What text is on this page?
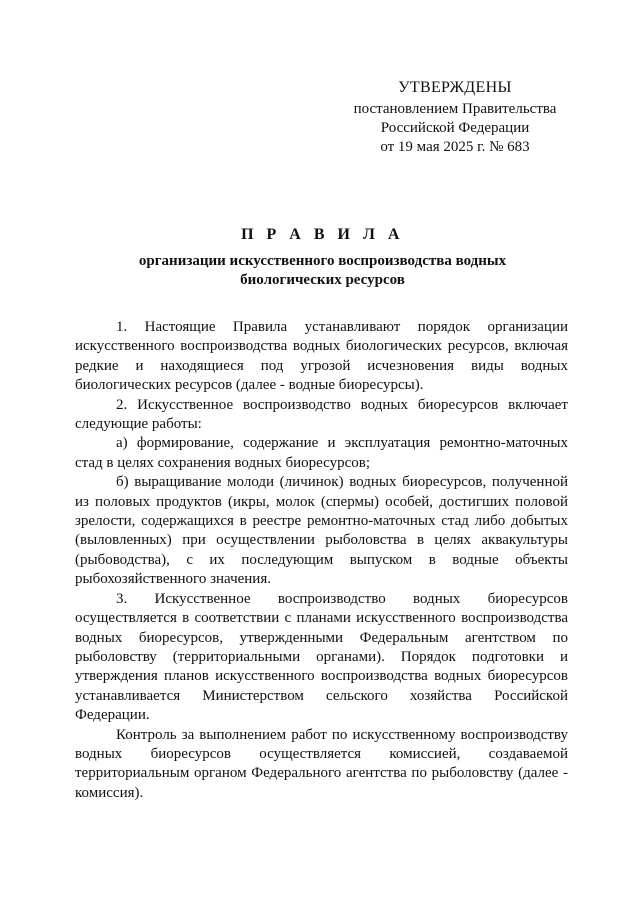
УТВЕРЖДЕНЫ
постановлением Правительства
Российской Федерации
от 19 мая 2025 г. № 683
П Р А В И Л А
организации искусственного воспроизводства водных биологических ресурсов

1. Настоящие Правила устанавливают порядок организации искусственного воспроизводства водных биологических ресурсов, включая редкие и находящиеся под угрозой исчезновения виды водных биологических ресурсов (далее - водные биоресурсы).

2. Искусственное воспроизводство водных биоресурсов включает следующие работы:

а) формирование, содержание и эксплуатация ремонтно-маточных стад в целях сохранения водных биоресурсов;

б) выращивание молоди (личинок) водных биоресурсов, полученной из половых продуктов (икры, молок (спермы) особей, достигших половой зрелости, содержащихся в реестре ремонтно-маточных стад либо добытых (выловленных) при осуществлении рыболовства в целях аквакультуры (рыбоводства), с их последующим выпуском в водные объекты рыбохозяйственного значения.

3. Искусственное воспроизводство водных биоресурсов осуществляется в соответствии с планами искусственного воспроизводства водных биоресурсов, утвержденными Федеральным агентством по рыболовству (территориальными органами). Порядок подготовки и утверждения планов искусственного воспроизводства водных биоресурсов устанавливается Министерством сельского хозяйства Российской Федерации.

Контроль за выполнением работ по искусственному воспроизводству водных биоресурсов осуществляется комиссией, создаваемой территориальным органом Федерального агентства по рыболовству (далее - комиссия).
